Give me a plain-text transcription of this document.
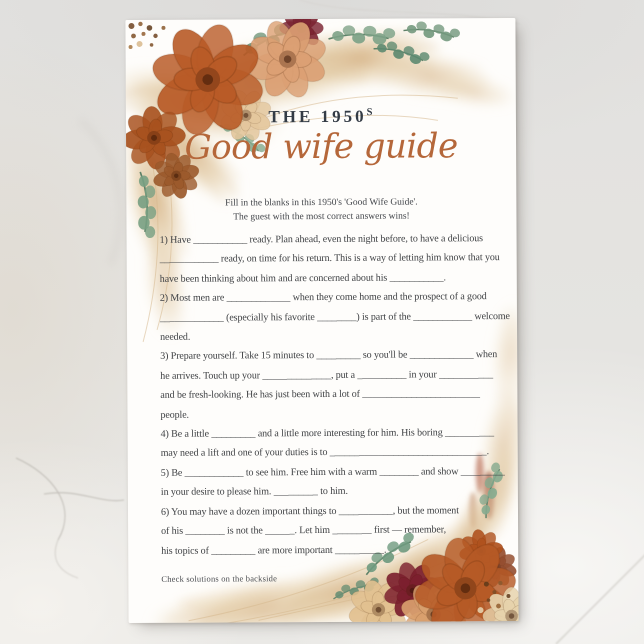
THE $1950^S$
Good wife guide
Fill in the blanks in this 1950's 'Good Wife Guide'.
The guest with the most correct answers wins!
1) Have ___________ ready. Plan ahead, even the night before, to have a delicious
____________ ready, on time for his return. This is a way of letting him know that you
have been thinking about him and are concerned about his ___________.
2) Most men are _____________ when they come home and the prospect of a good
_____________ (especially his favorite ________) is part of the ____________ welcome
needed.
3) Prepare yourself. Take 15 minutes to _________ so you'll be _____________ when
he arrives. Touch up your ______________, put a __________ in your ___________
and be fresh-looking. He has just been with a lot of ________________________
people.
4) Be a little _________ and a little more interesting for him. His boring __________
may need a lift and one of your duties is to ________________________________.
5) Be ____________ to see him. Free him with a warm ________ and show _________
in your desire to please him. _________ to him.
6) You may have a dozen important things to ___________, but the moment
of his ________ is not the ______. Let him ________ first — remember,
his topics of _________ are more important __________.
Check solutions on the backside
